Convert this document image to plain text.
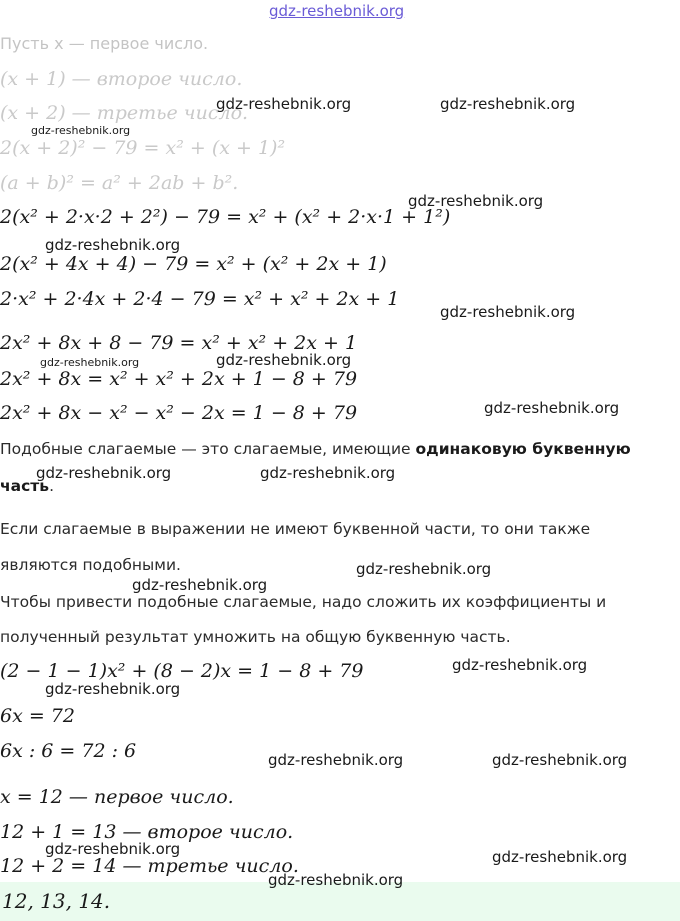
Пусть x — первое число.
(x + 1) — второе число.
(x + 2) — третье число.
2(x + 2)² − 79 = x² + (x + 1)²
(a + b)² = a² + 2ab + b².
2(x² + 2·x·2 + 2²) − 79 = x² + (x² + 2·x·1 + 1²)
2(x² + 4x + 4) − 79 = x² + (x² + 2x + 1)
2·x² + 2·4x + 2·4 − 79 = x² + x² + 2x + 1
2x² + 8x + 8 − 79 = x² + x² + 2x + 1
2x² + 8x = x² + x² + 2x + 1 − 8 + 79
2x² + 8x − x² − x² − 2x = 1 − 8 + 79
Подобные слагаемые — это слагаемые, имеющие одинаковую буквенную
часть.
Если слагаемые в выражении не имеют буквенной части, то они также
являются подобными.
Чтобы привести подобные слагаемые, надо сложить их коэффициенты и
полученный результат умножить на общую буквенную часть.
(2 − 1 − 1)x² + (8 − 2)x = 1 − 8 + 79
6x = 72
6x : 6 = 72 : 6
x = 12 — первое число.
12 + 1 = 13 — второе число.
12 + 2 = 14 — третье число.
12, 13, 14.
gdz-reshebnik.org
gdz-reshebnik.org	gdz-reshebnik.org
gdz-reshebnik.org
gdz-reshebnik.org
gdz-reshebnik.org
gdz-reshebnik.org
gdz-reshebnik.org	gdz-reshebnik.org
gdz-reshebnik.org
gdz-reshebnik.org	gdz-reshebnik.org
gdz-reshebnik.org
gdz-reshebnik.org
gdz-reshebnik.org
gdz-reshebnik.org
gdz-reshebnik.org	gdz-reshebnik.org
gdz-reshebnik.org	gdz-reshebnik.org
gdz-reshebnik.org
